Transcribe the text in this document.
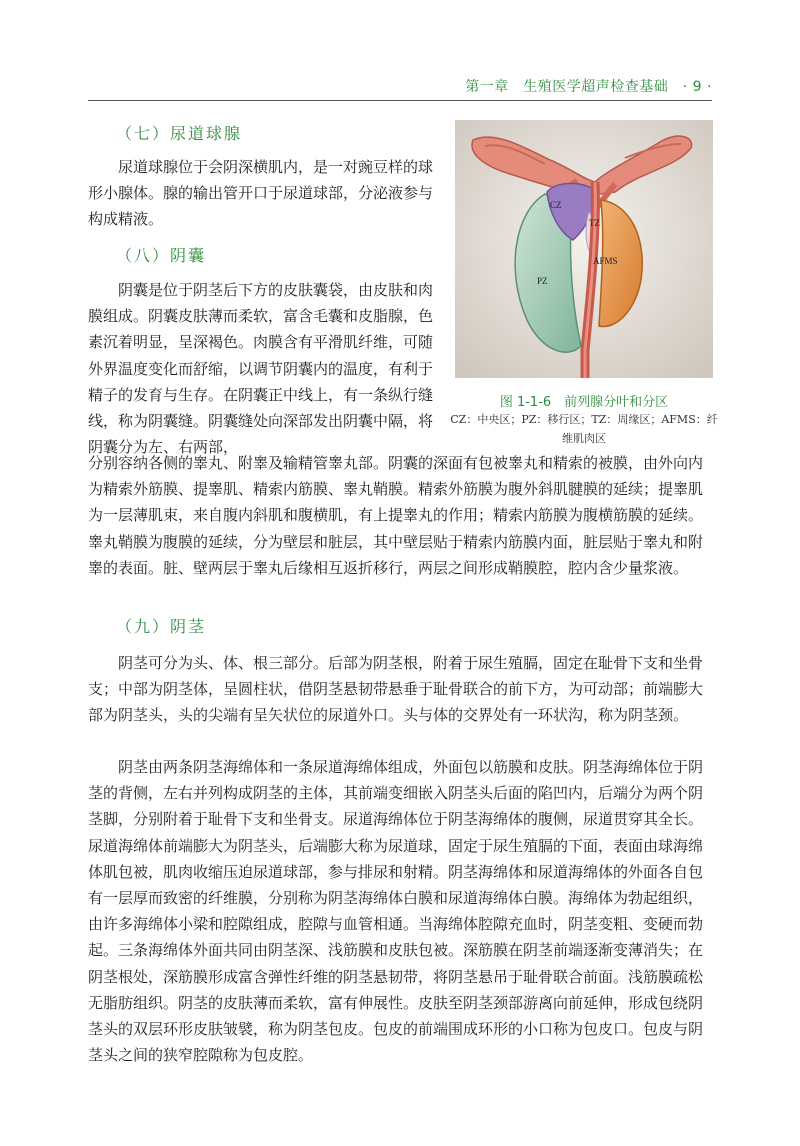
第一章　生殖医学超声检查基础　· 9 ·
（七）尿道球腺

尿道球腺位于会阴深横肌内，是一对豌豆样的球形小腺体。腺的输出管开口于尿道球部，分泌液参与构成精液。

（八）阴囊

阴囊是位于阴茎后下方的皮肤囊袋，由皮肤和肉膜组成。阴囊皮肤薄而柔软，富含毛囊和皮脂腺，色素沉着明显，呈深褐色。肉膜含有平滑肌纤维，可随外界温度变化而舒缩，以调节阴囊内的温度，有利于精子的发育与生存。在阴囊正中线上，有一条纵行缝线，称为阴囊缝。阴囊缝处向深部发出阴囊中隔，将阴囊分为左、右两部，

分别容纳各侧的睾丸、附睾及输精管睾丸部。阴囊的深面有包被睾丸和精索的被膜，由外向内为精索外筋膜、提睾肌、精索内筋膜、睾丸鞘膜。精索外筋膜为腹外斜肌腱膜的延续；提睾肌为一层薄肌束，来自腹内斜肌和腹横肌，有上提睾丸的作用；精索内筋膜为腹横筋膜的延续。睾丸鞘膜为腹膜的延续，分为壁层和脏层，其中壁层贴于精索内筋膜内面，脏层贴于睾丸和附睾的表面。脏、壁两层于睾丸后缘相互返折移行，两层之间形成鞘膜腔，腔内含少量浆液。

CZ
TZ
AFMS
PZ
图 1-1-6　前列腺分叶和分区
CZ：中央区；PZ：移行区；TZ：周缘区；AFMS：纤维肌肉区
（九）阴茎

阴茎可分为头、体、根三部分。后部为阴茎根，附着于尿生殖膈，固定在耻骨下支和坐骨支；中部为阴茎体，呈圆柱状，借阴茎悬韧带悬垂于耻骨联合的前下方，为可动部；前端膨大部为阴茎头，头的尖端有呈矢状位的尿道外口。头与体的交界处有一环状沟，称为阴茎颈。

阴茎由两条阴茎海绵体和一条尿道海绵体组成，外面包以筋膜和皮肤。阴茎海绵体位于阴茎的背侧，左右并列构成阴茎的主体，其前端变细嵌入阴茎头后面的陷凹内，后端分为两个阴茎脚，分别附着于耻骨下支和坐骨支。尿道海绵体位于阴茎海绵体的腹侧，尿道贯穿其全长。尿道海绵体前端膨大为阴茎头，后端膨大称为尿道球，固定于尿生殖膈的下面，表面由球海绵体肌包被，肌肉收缩压迫尿道球部，参与排尿和射精。阴茎海绵体和尿道海绵体的外面各自包有一层厚而致密的纤维膜，分别称为阴茎海绵体白膜和尿道海绵体白膜。海绵体为勃起组织，由许多海绵体小梁和腔隙组成，腔隙与血管相通。当海绵体腔隙充血时，阴茎变粗、变硬而勃起。三条海绵体外面共同由阴茎深、浅筋膜和皮肤包被。深筋膜在阴茎前端逐渐变薄消失；在阴茎根处，深筋膜形成富含弹性纤维的阴茎悬韧带，将阴茎悬吊于耻骨联合前面。浅筋膜疏松无脂肪组织。阴茎的皮肤薄而柔软，富有伸展性。皮肤至阴茎颈部游离向前延伸，形成包绕阴茎头的双层环形皮肤皱襞，称为阴茎包皮。包皮的前端围成环形的小口称为包皮口。包皮与阴茎头之间的狭窄腔隙称为包皮腔。
